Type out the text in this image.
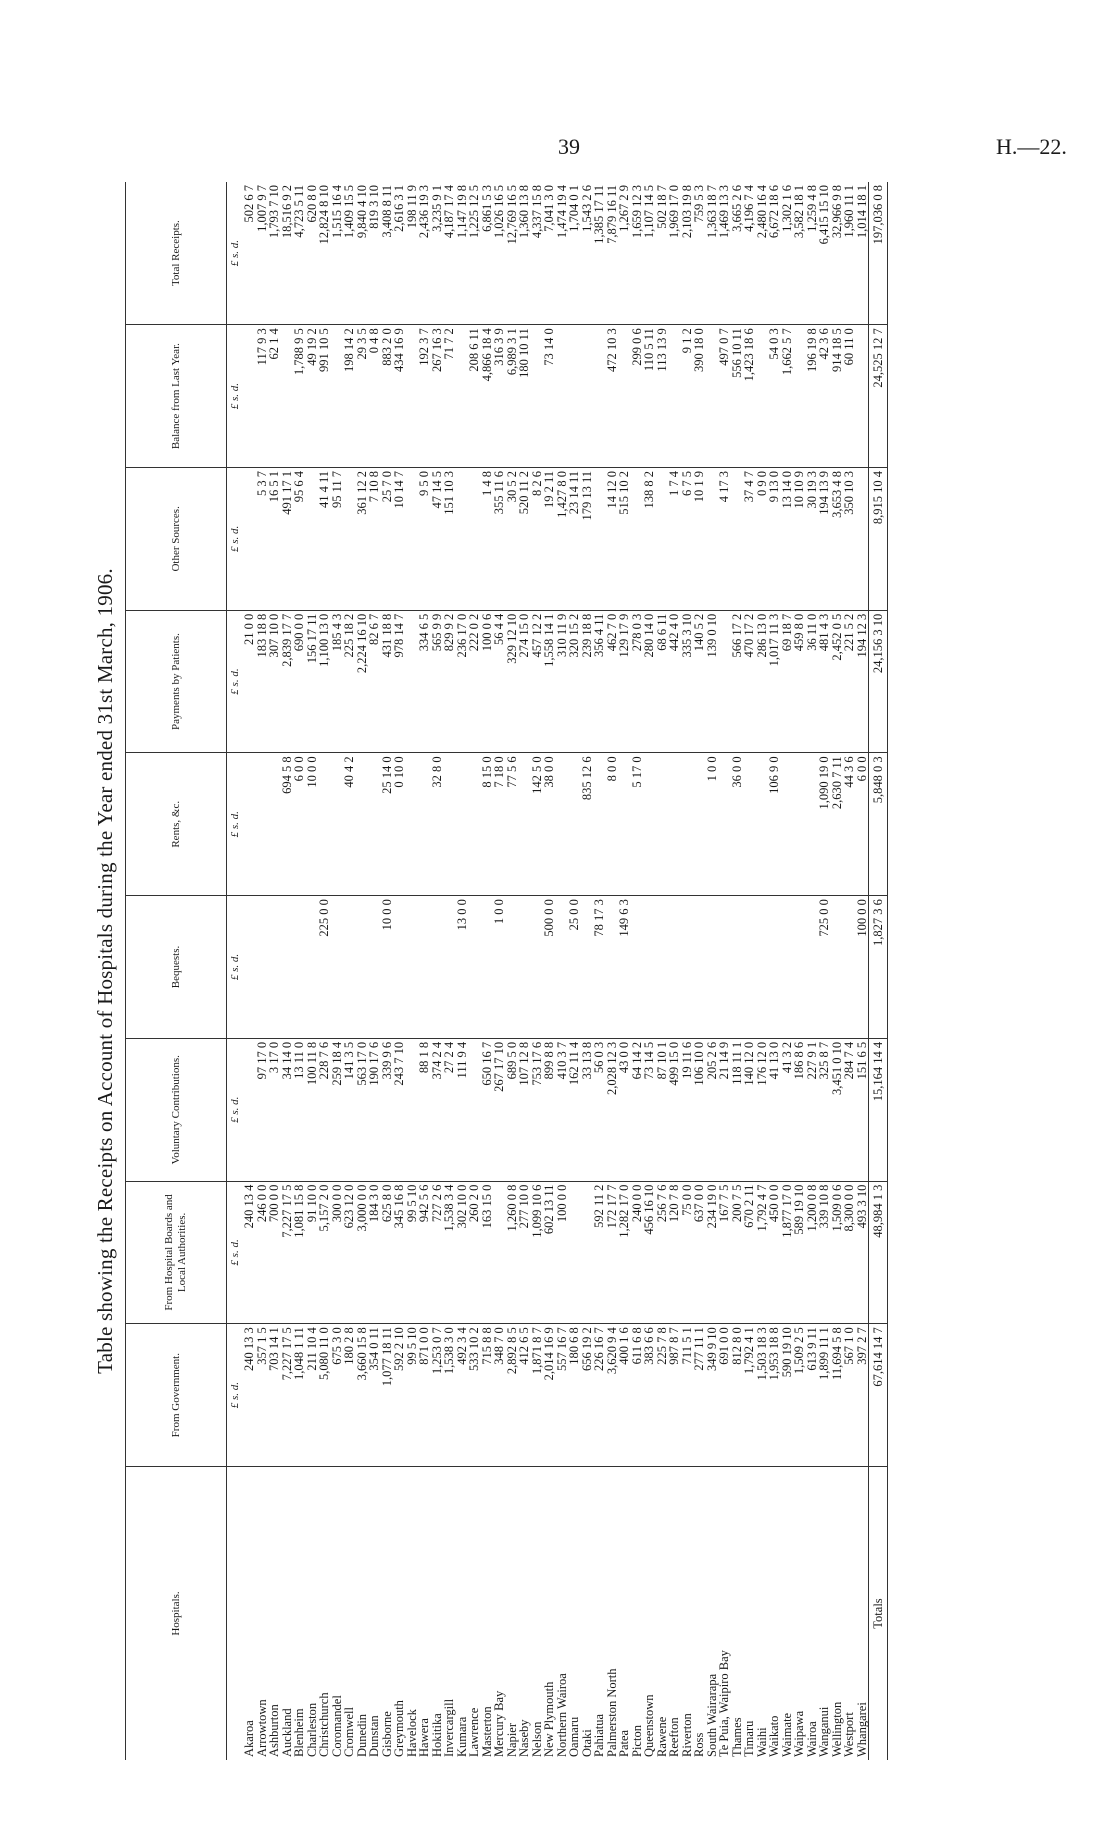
39	H.—22.
Table showing the Receipts on Account of Hospitals during the Year ended 31st March, 1906.
Hospitals.	From Government.	From Hospital Boards and Local Authorities.	Voluntary Contributions.	Bequests.	Rents, &c.	Payments by Patients.	Other Sources.	Balance from Last Year.	Total Receipts.
	£ s. d.	£ s. d.	£ s. d.	£ s. d.	£ s. d.	£ s. d.	£ s. d.	£ s. d.	£ s. d.
Akaroa	240 13 3	240 13 4				21 0 0			502 6 7
Arrowtown	357 1 5	246 0 0	97 17 0			183 18 8	5 3 7	117 9 3	1,007 9 7
Ashburton	703 14 1	700 0 0	3 17 0			307 10 0	16 5 1	62 1 4	1,793 7 10
Auckland	7,227 17 5	7,227 17 5	34 14 0		694 5 8	2,839 17 7	491 17 1		18,516 9 2
Blenheim	1,048 1 11	1,081 15 8	13 11 0		6 0 0	690 0 0	95 6 4	1,788 9 5	4,723 5 11
Charleston	211 10 4	91 10 0	100 11 8		10 0 0	156 17 11		49 19 2	620 8 0
Christchurch	5,080 11 0	5,157 2 0	228 7 6	225 0 0		1,100 13 0	41 4 11	991 10 5	12,824 8 10
Coromandel	675 3 0	300 0 0	259 18 4			185 4 3	95 11 7		1,515 16 4
Cromwell	180 2 8	623 12 0	141 3 5		40 4 2	225 18 2		198 14 2	1,409 15 5
Dunedin	3,660 15 8	3,000 0 0	563 17 0			2,224 16 10	361 12 2	29 3 5	9,840 4 10
Dunstan	354 0 11	184 3 0	190 17 6			82 6 7	7 10 8	0 4 8	819 3 10
Gisborne	1,077 18 11	625 8 0	339 9 6	10 0 0	25 14 0	431 18 8	25 7 0	883 2 0	3,408 8 11
Greymouth	592 2 10	345 16 8	243 7 10		0 10 0	978 14 7	10 14 7	434 16 9	2,616 3 1
Havelock	99 5 10	99 5 10							198 11 9
Hawera	871 0 0	942 5 6	88 1 8			334 6 5	9 5 0	192 3 7	2,436 19 3
Hokitika	1,253 0 7	727 2 6	374 2 4		32 8 0	565 9 9	47 14 5	267 16 3	3,235 9 1
Invercargill	1,538 3 0	1,538 3 4	27 2 4			829 9 2	151 10 3	71 7 2	4,187 17 4
Kumara	492 3 4	302 10 0	111 9 4	13 0 0		236 17 0			1,147 19 8
Lawrence	533 10 2	260 2 0				222 0 2		208 6 11	1,225 12 5
Masterton	715 8 8	163 15 0	650 16 7		8 15 0	100 0 6	1 4 8	4,866 18 4	6,861 5 3
Mercury Bay	348 7 0		267 17 10	1 0 0	7 18 0	56 4 4	355 11 6	316 3 9	1,026 16 5
Napier	2,892 8 5	1,260 0 8	689 5 0		77 5 6	329 12 10	30 5 2	6,989 3 1	12,769 16 5
Naseby	412 6 5	277 10 0	107 12 8			274 15 0	520 11 2	180 10 11	1,360 13 8
Nelson	1,871 8 7	1,099 10 6	753 17 6		142 5 0	457 12 2	8 2 6		4,337 15 8
New Plymouth	2,014 16 9	602 13 11	899 8 8	500 0 0	38 0 0	1,558 14 1	19 2 11	73 14 0	7,041 3 0
Northern Wairoa	557 16 7	100 0 0	410 3 7			310 11 9	1,427 8 0		1,474 19 4
Oamaru	180 6 8		162 11 4	25 0 0		320 15 2	23 14 11		1,704 0 1
Otaki	656 19 2		33 13 8		835 12 6	239 18 8	179 13 11		1,543 2 6
Pahiatua	226 16 7	592 11 2	56 0 3	78 17 3		356 4 11			1,385 17 11
Palmerston North	3,620 9 4	172 17 7	2,028 12 3		8 0 0	462 7 0	14 12 0	472 10 3	7,879 16 11
Patea	400 1 6	1,282 17 0	43 0 0	149 6 3		129 17 9	515 10 2		1,267 2 9
Picton	611 6 8	240 0 0	64 14 2		5 17 0	278 0 3		299 0 6	1,659 12 3
Queenstown	383 6 6	456 16 10	73 14 5			280 14 0	138 8 2	110 5 11	1,107 14 5
Rawene	225 7 8	256 7 6	87 10 1			68 6 11		113 13 9	502 18 7
Reefton	987 8 7	120 7 8	499 15 0			442 4 0	1 7 4		1,969 17 0
Riverton	711 5 1	75 0 0	19 11 6			335 3 10	6 7 5	9 1 2	2,103 19 8
Ross	277 11 1	637 0 0	106 10 0			140 5 2	10 1 9	390 18 0	759 5 3
South Wairarapa	349 9 10	234 19 0	205 2 6		1 0 0	139 0 10			1,363 18 7
Te Puia, Waipiro Bay	691 0 0	167 7 5	21 14 9				4 17 3	497 0 7	1,469 13 3
Thames	812 8 0	200 7 5	118 11 1		36 0 0	566 17 2		556 10 11	3,665 2 6
Timaru	1,792 4 1	670 2 11	140 12 0			470 17 2	37 4 7	1,423 18 6	4,196 7 4
Waihi	1,503 18 3	1,792 4 7	176 12 0			286 13 0	0 9 0		2,480 16 4
Waikato	1,953 18 8	450 0 0	41 13 0		106 9 0	1,017 11 3	9 13 0	54 0 3	6,672 18 6
Waimate	590 19 10	1,877 17 0	41 3 2			69 18 7	13 14 0	1,662 5 7	1,302 1 6
Waipawa	1,509 2 5	589 19 10	186 8 6			459 8 0	10 10 9		3,582 18 1
Wairoa	613 9 11	1,200 0 8	227 9 1			36 11 0	30 19 3	196 19 8	1,259 4 8
Wanganui	1,899 11 1	339 10 8	325 8 7	725 0 0	1,090 19 0	481 4 3	194 13 9	42 3 6	6,415 15 10
Wellington	11,694 5 8	1,509 0 6	3,451 0 10		2,630 7 11	2,452 0 5	3,653 4 8	914 18 5	32,966 9 8
Westport	567 1 0	8,300 0 0	284 7 4		44 3 6	221 5 2	350 10 3	60 11 0	1,960 11 1
Whangarei	397 2 7	493 3 10	151 6 5	100 0 0	6 0 0	194 12 3			1,014 18 1
Totals	67,614 14 7	48,984 1 3	15,164 14 4	1,827 3 6	5,848 0 3	24,156 3 10	8,915 10 4	24,525 12 7	197,036 0 8
